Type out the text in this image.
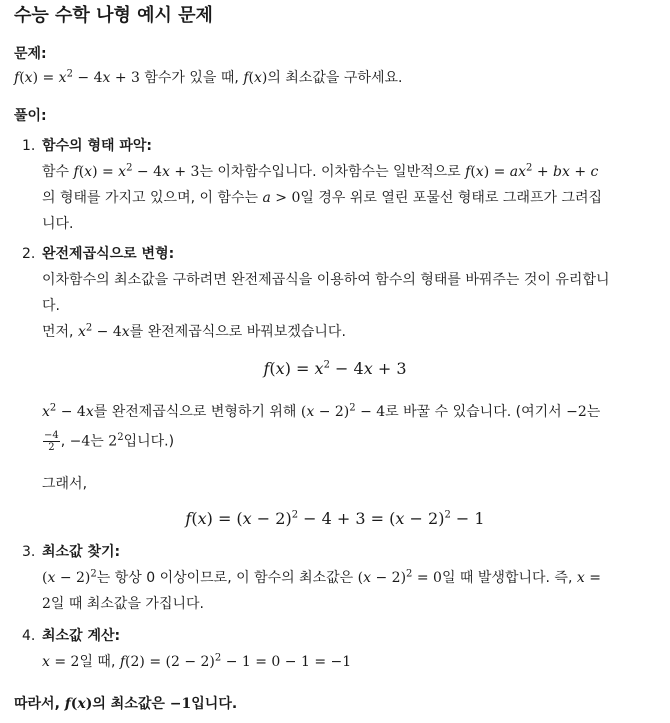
수능 수학 나형 예시 문제
문제:
$f(x) = x^2 - 4x + 3$ 함수가 있을 때, f(x)의 최소값을 구하세요.
풀이:
1. 함수의 형태 파악:
함수 $f(x) = x^2 - 4x + 3$는 이차함수입니다. 이차함수는 일반적으로 $f(x) = ax^2$ + bx + c
의 형태를 가지고 있으며, 이 함수는 a > 0일 경우 위로 열린 포물선 형태로 그래프가 그려집
니다.
2. 완전제곱식으로 변형:
이차함수의 최소값을 구하려면 완전제곱식을 이용하여 함수의 형태를 바꿔주는 것이 유리합니
다.
먼저, $x^2 - 4x$를 완전제곱식으로 바꿔보겠습니다.
$f(x) = x^2 - 4x + 3$
$x^2 - 4x$를 완전제곱식으로 변형하기 위해 $(x - 2)^2 - 4$로 바꿀 수 있습니다. (여기서 −2는
$\frac{-4}{2}$ , −4는 $2^2$입니다.)
그래서,
$f(x) = (x - 2)^2 - 4 + 3 = (x - 2)^2 - 1$
3. 최소값 찾기:
$(x - 2)^2$는 항상 0 이상이므로, 이 함수의 최소값은 $(x - 2)^2 = 0$일 때 발생합니다. 즉, x =
2일 때 최소값을 가집니다.
4. 최소값 계산:
x = 2일 때, $f(2) = (2 - 2)^2 - 1 = 0 - 1 = -1$
따라서, f(x)의 최소값은 −1입니다.
